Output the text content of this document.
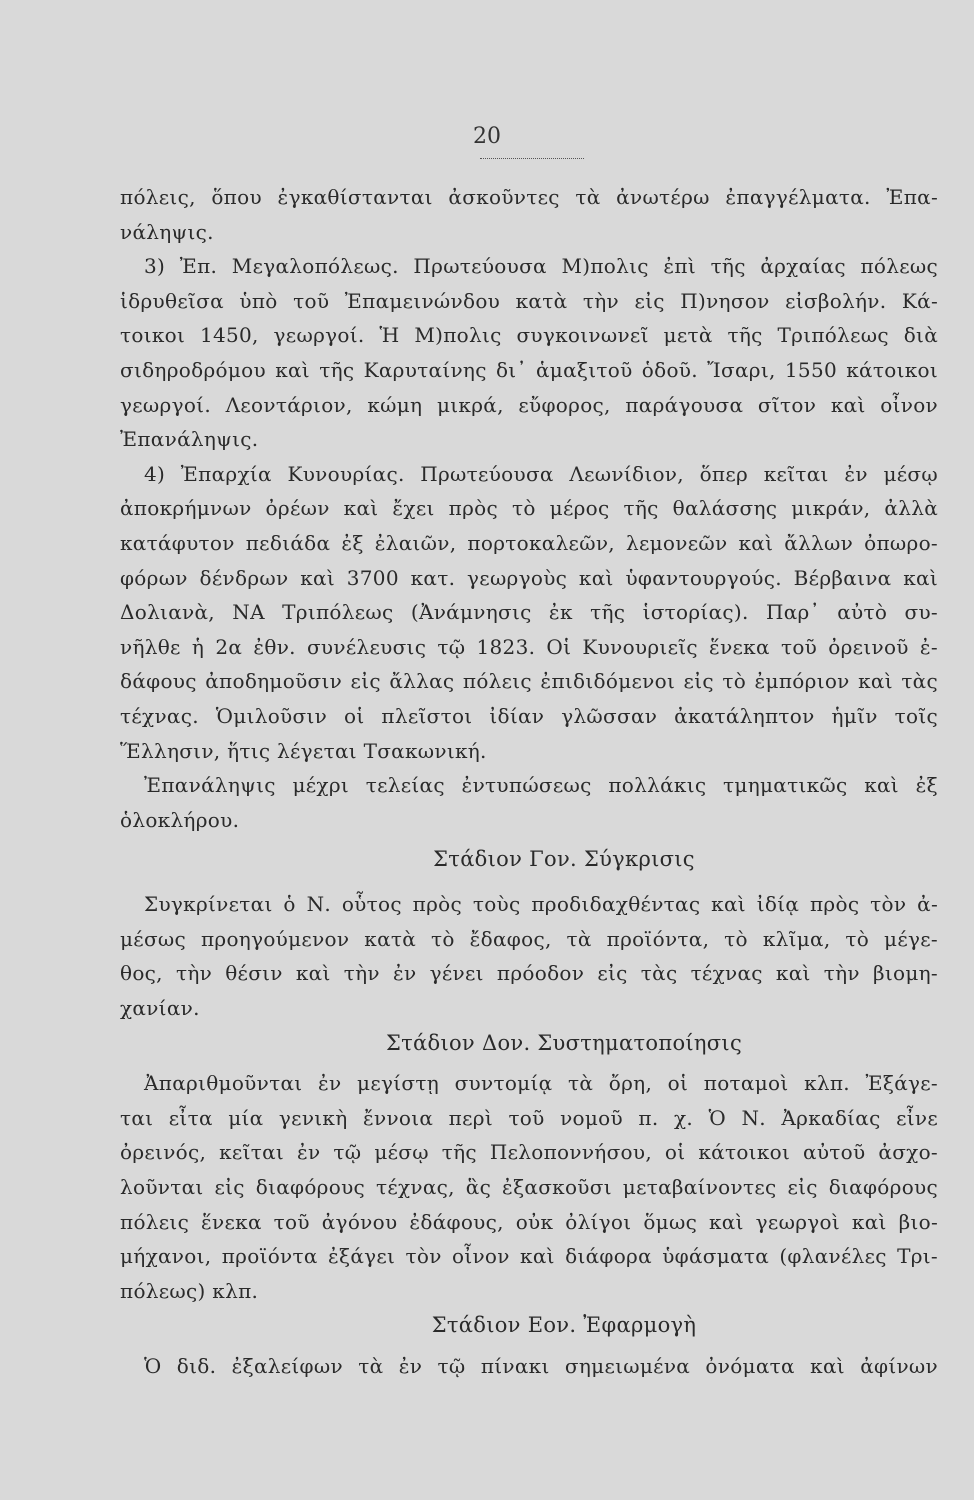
20
πόλεις, ὅπου ἐγκαθίστανται ἀσκοῦντες τὰ ἀνωτέρω ἐπαγγέλματα. Ἐπα-
νάληψις.
3) Ἐπ. Μεγαλοπόλεως. Πρωτεύουσα Μ)πολις ἐπὶ τῆς ἀρχαίας πόλεως
ἱδρυθεῖσα ὑπὸ τοῦ Ἐπαμεινώνδου κατὰ τὴν εἰς Π)νησον εἰσβολήν. Κά-
τοικοι 1450, γεωργοί. Ἡ Μ)πολις συγκοινωνεῖ μετὰ τῆς Τριπόλεως διὰ
σιδηροδρόμου καὶ τῆς Καρυταίνης δι᾽ ἁμαξιτοῦ ὁδοῦ. Ἴσαρι, 1550 κάτοικοι
γεωργοί. Λεοντάριον, κώμη μικρά, εὔφορος, παράγουσα σῖτον καὶ οἶνον
Ἐπανάληψις.
4) Ἐπαρχία Κυνουρίας. Πρωτεύουσα Λεωνίδιον, ὅπερ κεῖται ἐν μέσῳ
ἀποκρήμνων ὀρέων καὶ ἔχει πρὸς τὸ μέρος τῆς θαλάσσης μικράν, ἀλλὰ
κατάφυτον πεδιάδα ἐξ ἐλαιῶν, πορτοκαλεῶν, λεμονεῶν καὶ ἄλλων ὀπωρο-
φόρων δένδρων καὶ 3700 κατ. γεωργοὺς καὶ ὑφαντουργούς. Βέρβαινα καὶ
Δολιανὰ, ΝΑ Τριπόλεως (Ἀνάμνησις ἐκ τῆς ἱστορίας). Παρ᾽ αὐτὸ συ-
νῆλθε ἡ 2α ἐθν. συνέλευσις τῷ 1823. Οἱ Κυνουριεῖς ἕνεκα τοῦ ὀρεινοῦ ἐ-
δάφους ἀποδημοῦσιν εἰς ἄλλας πόλεις ἐπιδιδόμενοι εἰς τὸ ἐμπόριον καὶ τὰς
τέχνας. Ὁμιλοῦσιν οἱ πλεῖστοι ἰδίαν γλῶσσαν ἀκατάληπτον ἡμῖν τοῖς
Ἕλλησιν, ἥτις λέγεται Τσακωνική.
Ἐπανάληψις μέχρι τελείας ἐντυπώσεως πολλάκις τμηματικῶς καὶ ἐξ
ὁλοκλήρου.
Στάδιον Γον. Σύγκρισις
Συγκρίνεται ὁ Ν. οὗτος πρὸς τοὺς προδιδαχθέντας καὶ ἰδίᾳ πρὸς τὸν ἀ-
μέσως προηγούμενον κατὰ τὸ ἔδαφος, τὰ προϊόντα, τὸ κλῖμα, τὸ μέγε-
θος, τὴν θέσιν καὶ τὴν ἐν γένει πρόοδον εἰς τὰς τέχνας καὶ τὴν βιομη-
χανίαν.
Στάδιον Δον. Συστηματοποίησις
Ἀπαριθμοῦνται ἐν μεγίστῃ συντομίᾳ τὰ ὄρη, οἱ ποταμοὶ κλπ. Ἐξάγε-
ται εἶτα μία γενικὴ ἔννοια περὶ τοῦ νομοῦ π. χ. Ὁ Ν. Ἀρκαδίας εἶνε
ὀρεινός, κεῖται ἐν τῷ μέσῳ τῆς Πελοποννήσου, οἱ κάτοικοι αὐτοῦ ἀσχο-
λοῦνται εἰς διαφόρους τέχνας, ἃς ἐξασκοῦσι μεταβαίνοντες εἰς διαφόρους
πόλεις ἕνεκα τοῦ ἀγόνου ἐδάφους, οὐκ ὀλίγοι ὅμως καὶ γεωργοὶ καὶ βιο-
μήχανοι, προϊόντα ἐξάγει τὸν οἶνον καὶ διάφορα ὑφάσματα (φλανέλες Τρι-
πόλεως) κλπ.
Στάδιον Εον. Ἐφαρμογὴ
Ὁ διδ. ἐξαλείφων τὰ ἐν τῷ πίνακι σημειωμένα ὀνόματα καὶ ἀφίνων
